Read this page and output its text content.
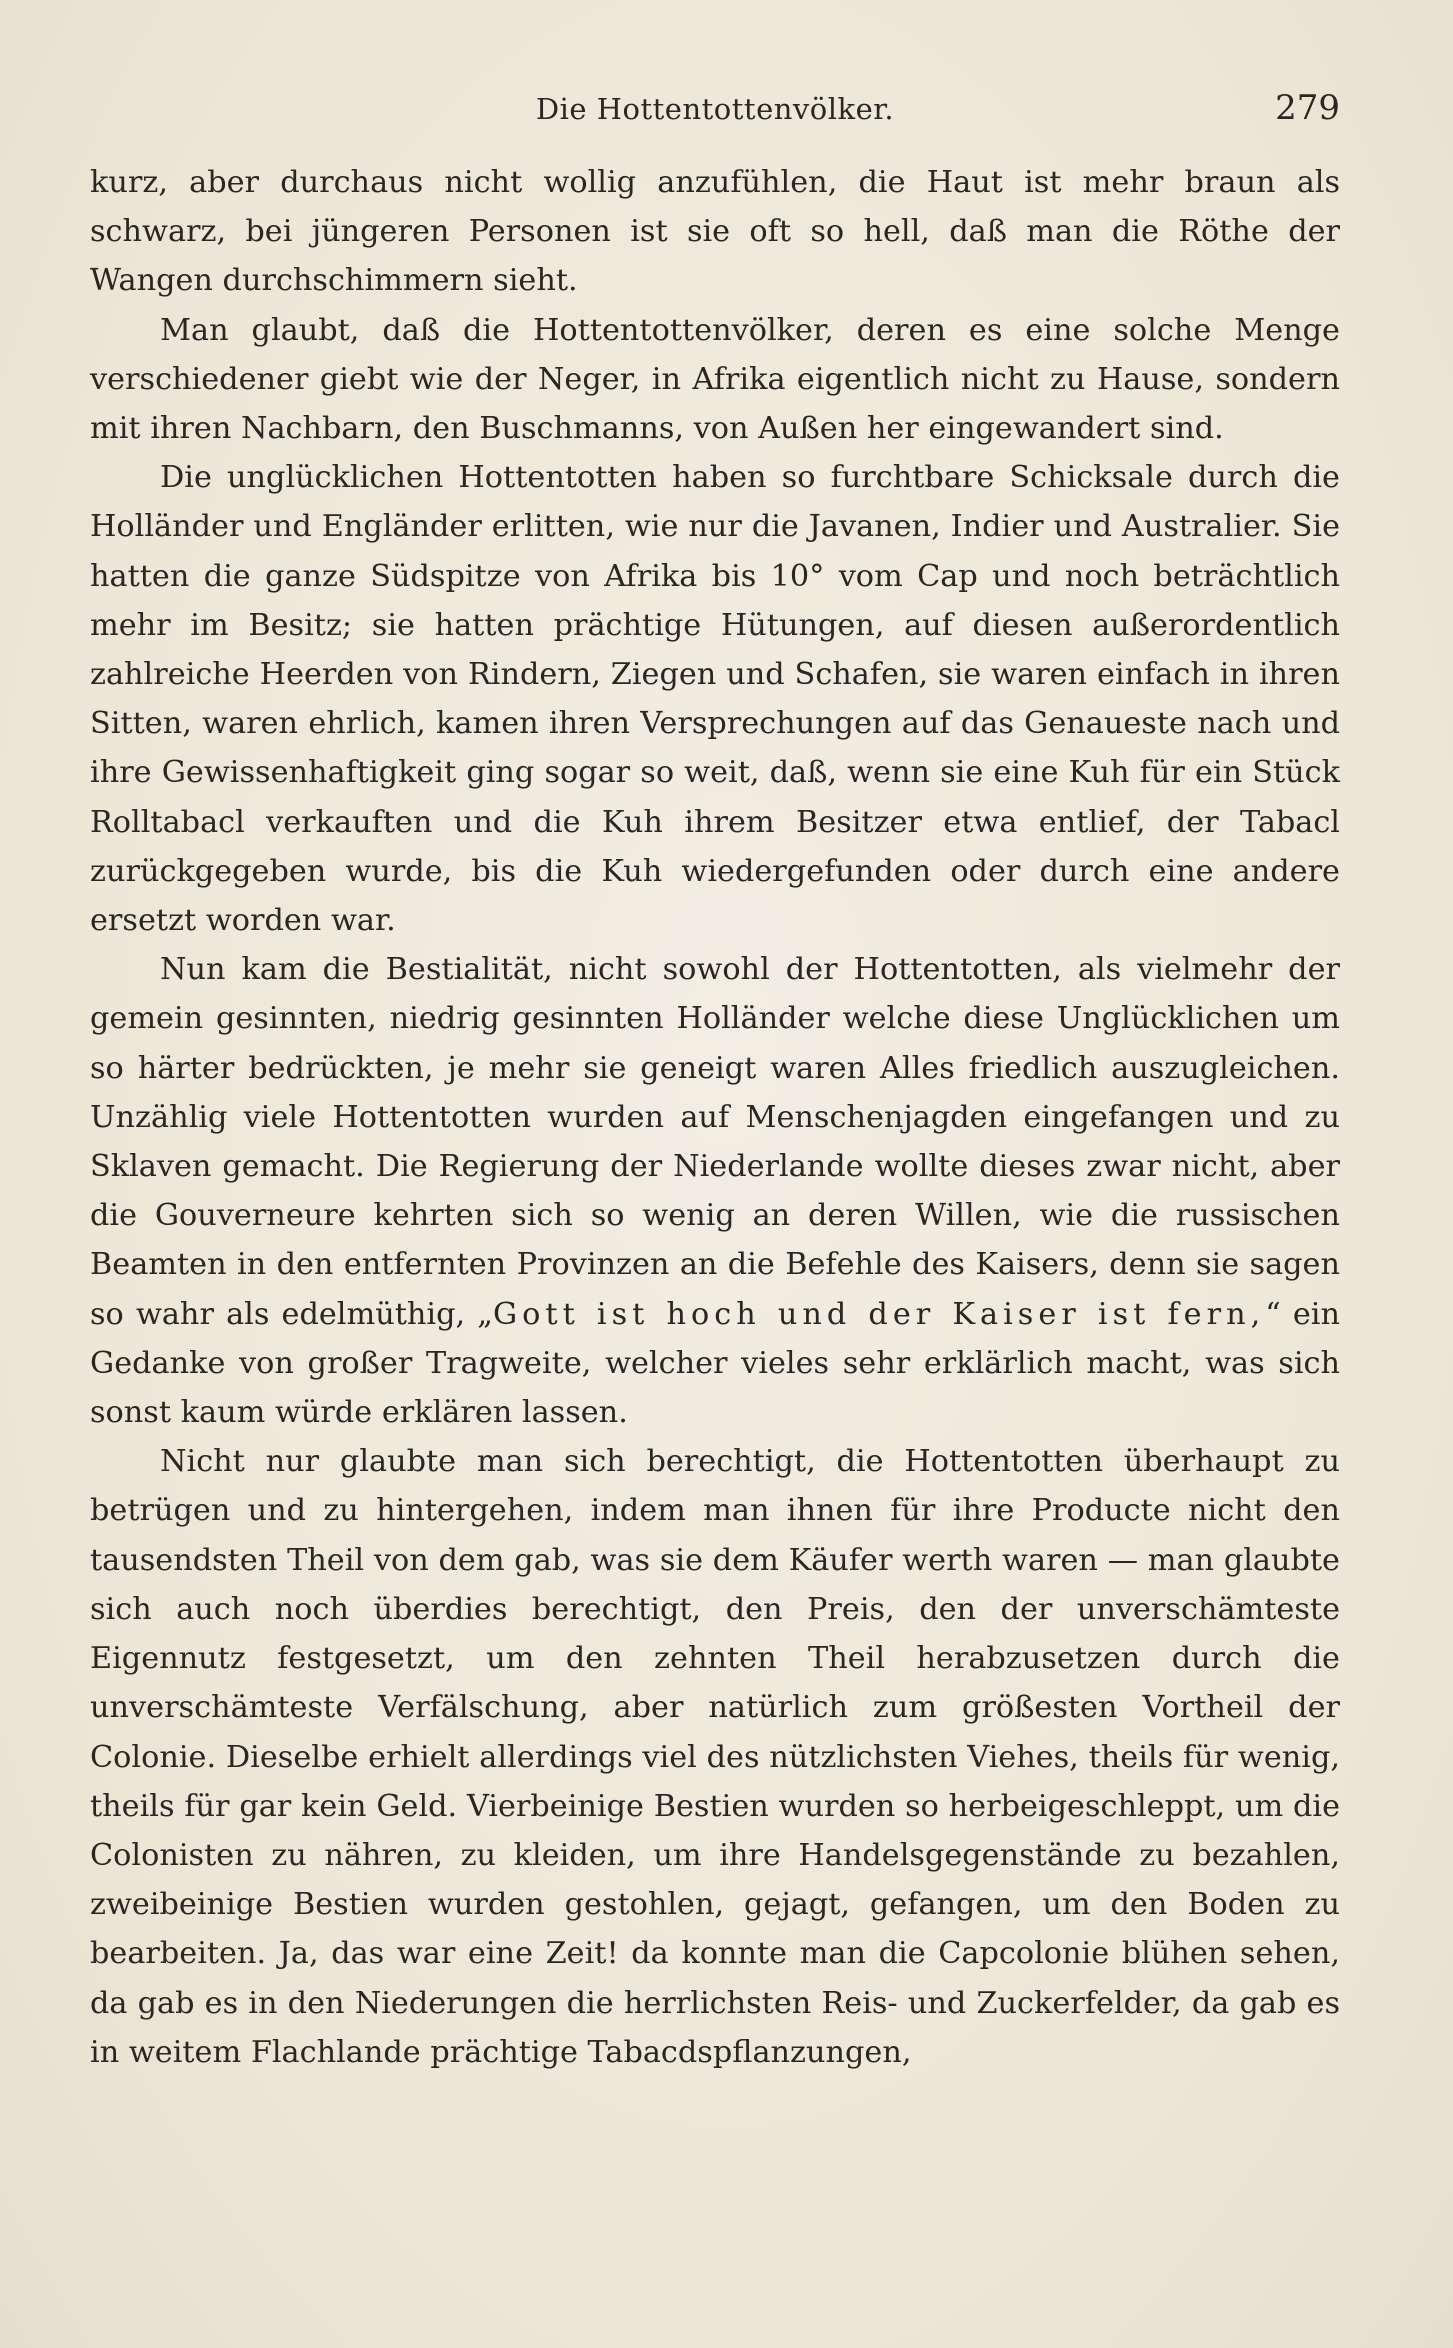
Die Hottentottenvölker.	279

kurz, aber durchaus nicht wollig anzufühlen, die Haut ist mehr braun als schwarz, bei jüngeren Personen ist sie oft so hell, daß man die Röthe der Wangen durchschimmern sieht.

Man glaubt, daß die Hottentottenvölker, deren es eine solche Menge verschiedener giebt wie der Neger, in Afrika eigentlich nicht zu Hause, sondern mit ihren Nachbarn, den Buschmanns, von Außen her eingewandert sind.

Die unglücklichen Hottentotten haben so furchtbare Schicksale durch die Holländer und Engländer erlitten, wie nur die Javanen, Indier und Australier. Sie hatten die ganze Südspitze von Afrika bis 10° vom Cap und noch beträchtlich mehr im Besitz; sie hatten prächtige Hütungen, auf diesen außerordentlich zahlreiche Heerden von Rindern, Ziegen und Schafen, sie waren einfach in ihren Sitten, waren ehrlich, kamen ihren Versprechungen auf das Genaueste nach und ihre Gewissenhaftigkeit ging sogar so weit, daß, wenn sie eine Kuh für ein Stück Rolltabacl verkauften und die Kuh ihrem Besitzer etwa entlief, der Tabacl zurückgegeben wurde, bis die Kuh wiedergefunden oder durch eine andere ersetzt worden war.

Nun kam die Bestialität, nicht sowohl der Hottentotten, als vielmehr der gemein gesinnten, niedrig gesinnten Holländer welche diese Unglücklichen um so härter bedrückten, je mehr sie geneigt waren Alles friedlich auszugleichen. Unzählig viele Hottentotten wurden auf Menschenjagden eingefangen und zu Sklaven gemacht. Die Regierung der Niederlande wollte dieses zwar nicht, aber die Gouverneure kehrten sich so wenig an deren Willen, wie die russischen Beamten in den entfernten Provinzen an die Befehle des Kaisers, denn sie sagen so wahr als edelmüthig, „Gott ist hoch und der Kaiser ist fern,“ ein Gedanke von großer Tragweite, welcher vieles sehr erklärlich macht, was sich sonst kaum würde erklären lassen.

Nicht nur glaubte man sich berechtigt, die Hottentotten überhaupt zu betrügen und zu hintergehen, indem man ihnen für ihre Producte nicht den tausendsten Theil von dem gab, was sie dem Käufer werth waren — man glaubte sich auch noch überdies berechtigt, den Preis, den der unverschämteste Eigennutz festgesetzt, um den zehnten Theil herabzusetzen durch die unverschämteste Verfälschung, aber natürlich zum größesten Vortheil der Colonie. Dieselbe erhielt allerdings viel des nützlichsten Viehes, theils für wenig, theils für gar kein Geld. Vierbeinige Bestien wurden so herbeigeschleppt, um die Colonisten zu nähren, zu kleiden, um ihre Handelsgegenstände zu bezahlen, zweibeinige Bestien wurden gestohlen, gejagt, gefangen, um den Boden zu bearbeiten. Ja, das war eine Zeit! da konnte man die Capcolonie blühen sehen, da gab es in den Niederungen die herrlichsten Reis- und Zuckerfelder, da gab es in weitem Flachlande prächtige Tabacdspflanzungen,
